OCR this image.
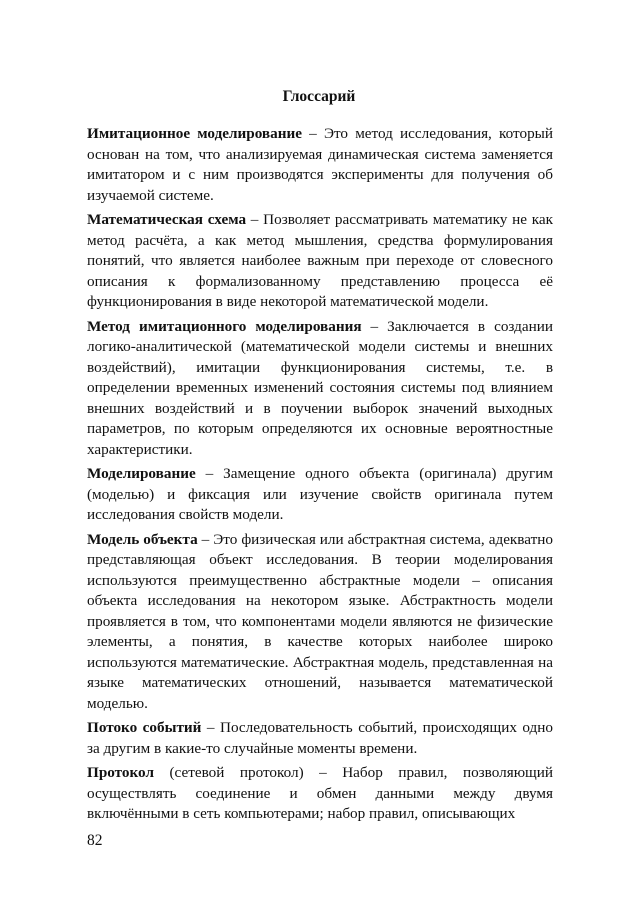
Глоссарий

Имитационное моделирование – Это метод исследования, который основан на том, что анализируемая динамическая система заменяется имитатором и с ним производятся эксперименты для получения об изучаемой системе.

Математическая схема – Позволяет рассматривать математику не как метод расчёта, а как метод мышления, средства формулирования понятий, что является наиболее важным при переходе от словесного описания к формализованному представлению процесса её функционирования в виде некоторой математической модели.

Метод имитационного моделирования – Заключается в создании логико-аналитической (математической модели системы и внешних воздействий), имитации функционирования системы, т.е. в определении временных изменений состояния системы под влиянием внешних воздействий и в поучении выборок значений выходных параметров, по которым определяются их основные вероятностные характеристики.

Моделирование – Замещение одного объекта (оригинала) другим (моделью) и фиксация или изучение свойств оригинала путем исследования свойств модели.

Модель объекта – Это физическая или абстрактная система, адекватно представляющая объект исследования. В теории моделирования используются преимущественно абстрактные модели – описания объекта исследования на некотором языке. Абстрактность модели проявляется в том, что компонентами модели являются не физические элементы, а понятия, в качестве которых наиболее широко используются математические. Абстрактная модель, представленная на языке математических отношений, называется математической моделью.

Потоко событий – Последовательность событий, происходящих одно за другим в какие-то случайные моменты времени.

Протокол (сетевой протокол) – Набор правил, позволяющий осуществлять соединение и обмен данными между двумя включёнными в сеть компьютерами; набор правил, описывающих

82
